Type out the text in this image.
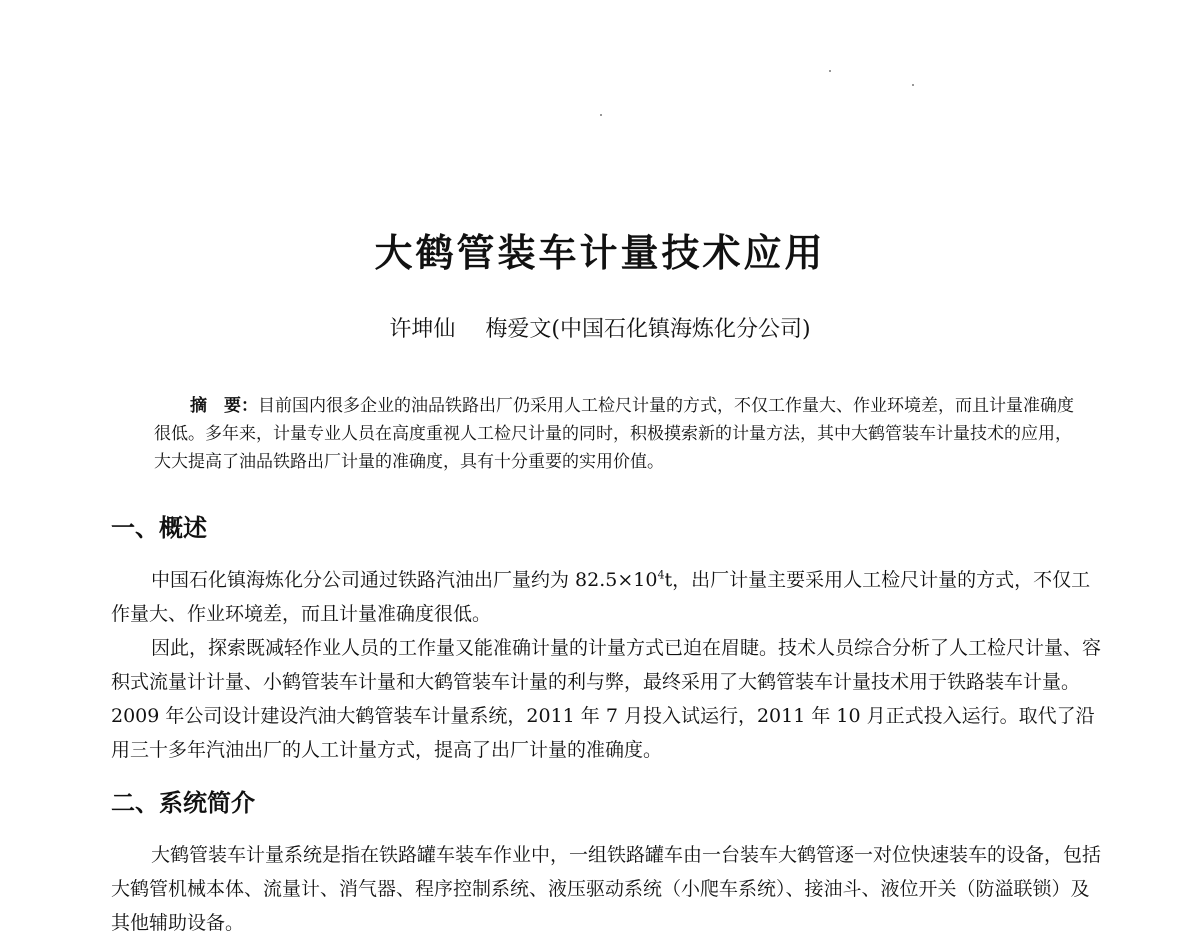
大鹤管装车计量技术应用
许坤仙 梅爱文(中国石化镇海炼化分公司)
摘　要：目前国内很多企业的油品铁路出厂仍采用人工检尺计量的方式，不仅工作量大、作业环境差，而且计量准确度很低。多年来，计量专业人员在高度重视人工检尺计量的同时，积极摸索新的计量方法，其中大鹤管装车计量技术的应用，大大提高了油品铁路出厂计量的准确度，具有十分重要的实用价值。
一、概述

中国石化镇海炼化分公司通过铁路汽油出厂量约为 $82.5\times 10^4t$，出厂计量主要采用人工检尺计量的方式，不仅工作量大、作业环境差，而且计量准确度很低。

因此，探索既减轻作业人员的工作量又能准确计量的计量方式已迫在眉睫。技术人员综合分析了人工检尺计量、容积式流量计计量、小鹤管装车计量和大鹤管装车计量的利与弊，最终采用了大鹤管装车计量技术用于铁路装车计量。2009 年公司设计建设汽油大鹤管装车计量系统，2011 年 7 月投入试运行，2011 年 10 月正式投入运行。取代了沿用三十多年汽油出厂的人工计量方式，提高了出厂计量的准确度。

二、系统简介

大鹤管装车计量系统是指在铁路罐车装车作业中，一组铁路罐车由一台装车大鹤管逐一对位快速装车的设备，包括大鹤管机械本体、流量计、消气器、程序控制系统、液压驱动系统（小爬车系统）、接油斗、液位开关（防溢联锁）及其他辅助设备。
